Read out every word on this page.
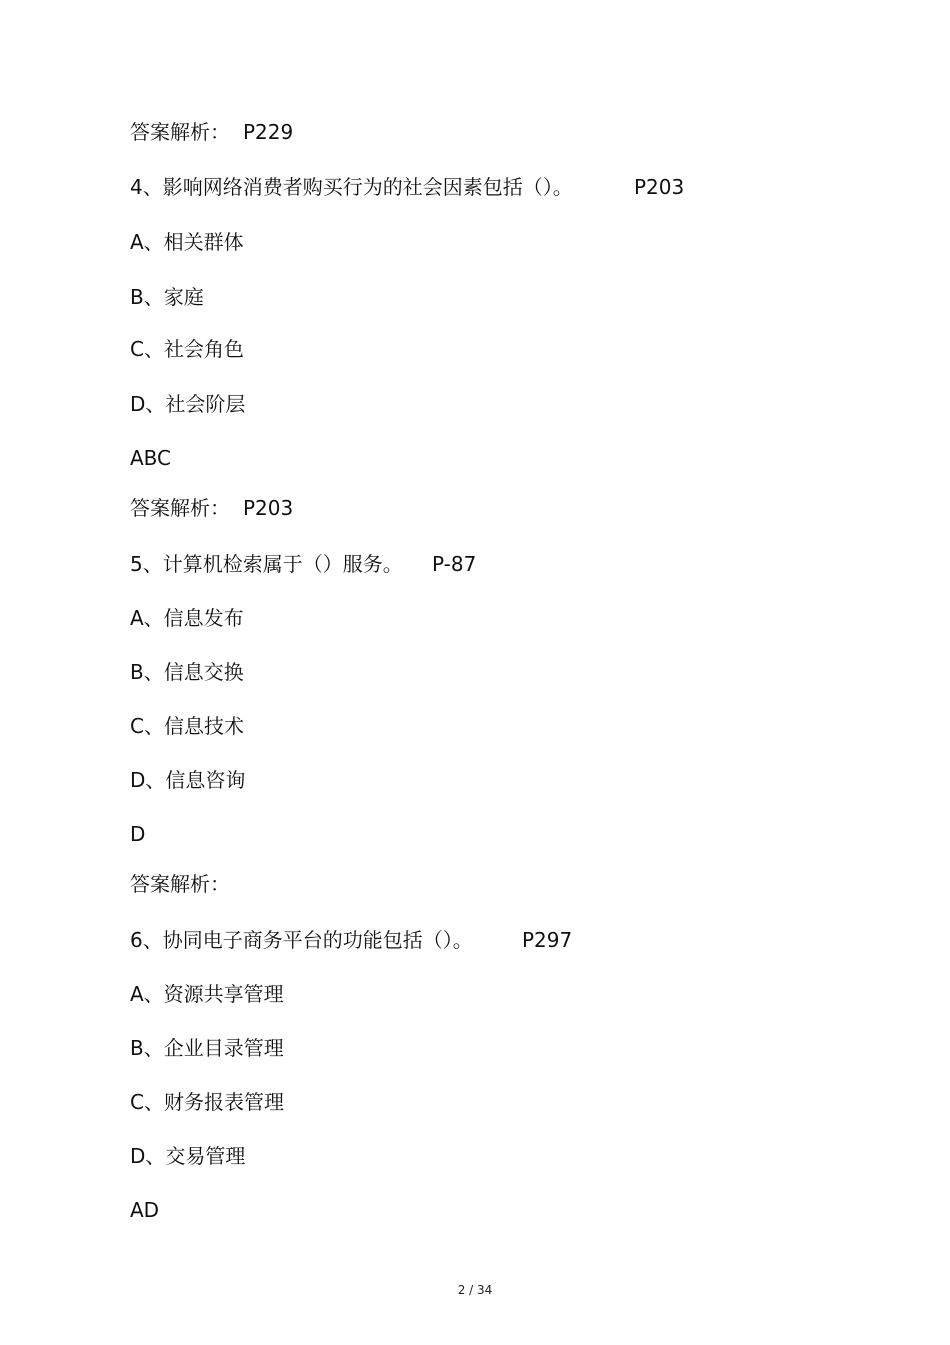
答案解析： P229
4、影响网络消费者购买行为的社会因素包括（）。	P203
A、相关群体
B、家庭
C、社会角色
D、社会阶层
ABC
答案解析： P203
5、计算机检索属于（）服务。 P-87
A、信息发布
B、信息交换
C、信息技术
D、信息咨询
D
答案解析：
6、协同电子商务平台的功能包括（）。 P297
A、资源共享管理
B、企业目录管理
C、财务报表管理
D、交易管理
AD
2 / 34
